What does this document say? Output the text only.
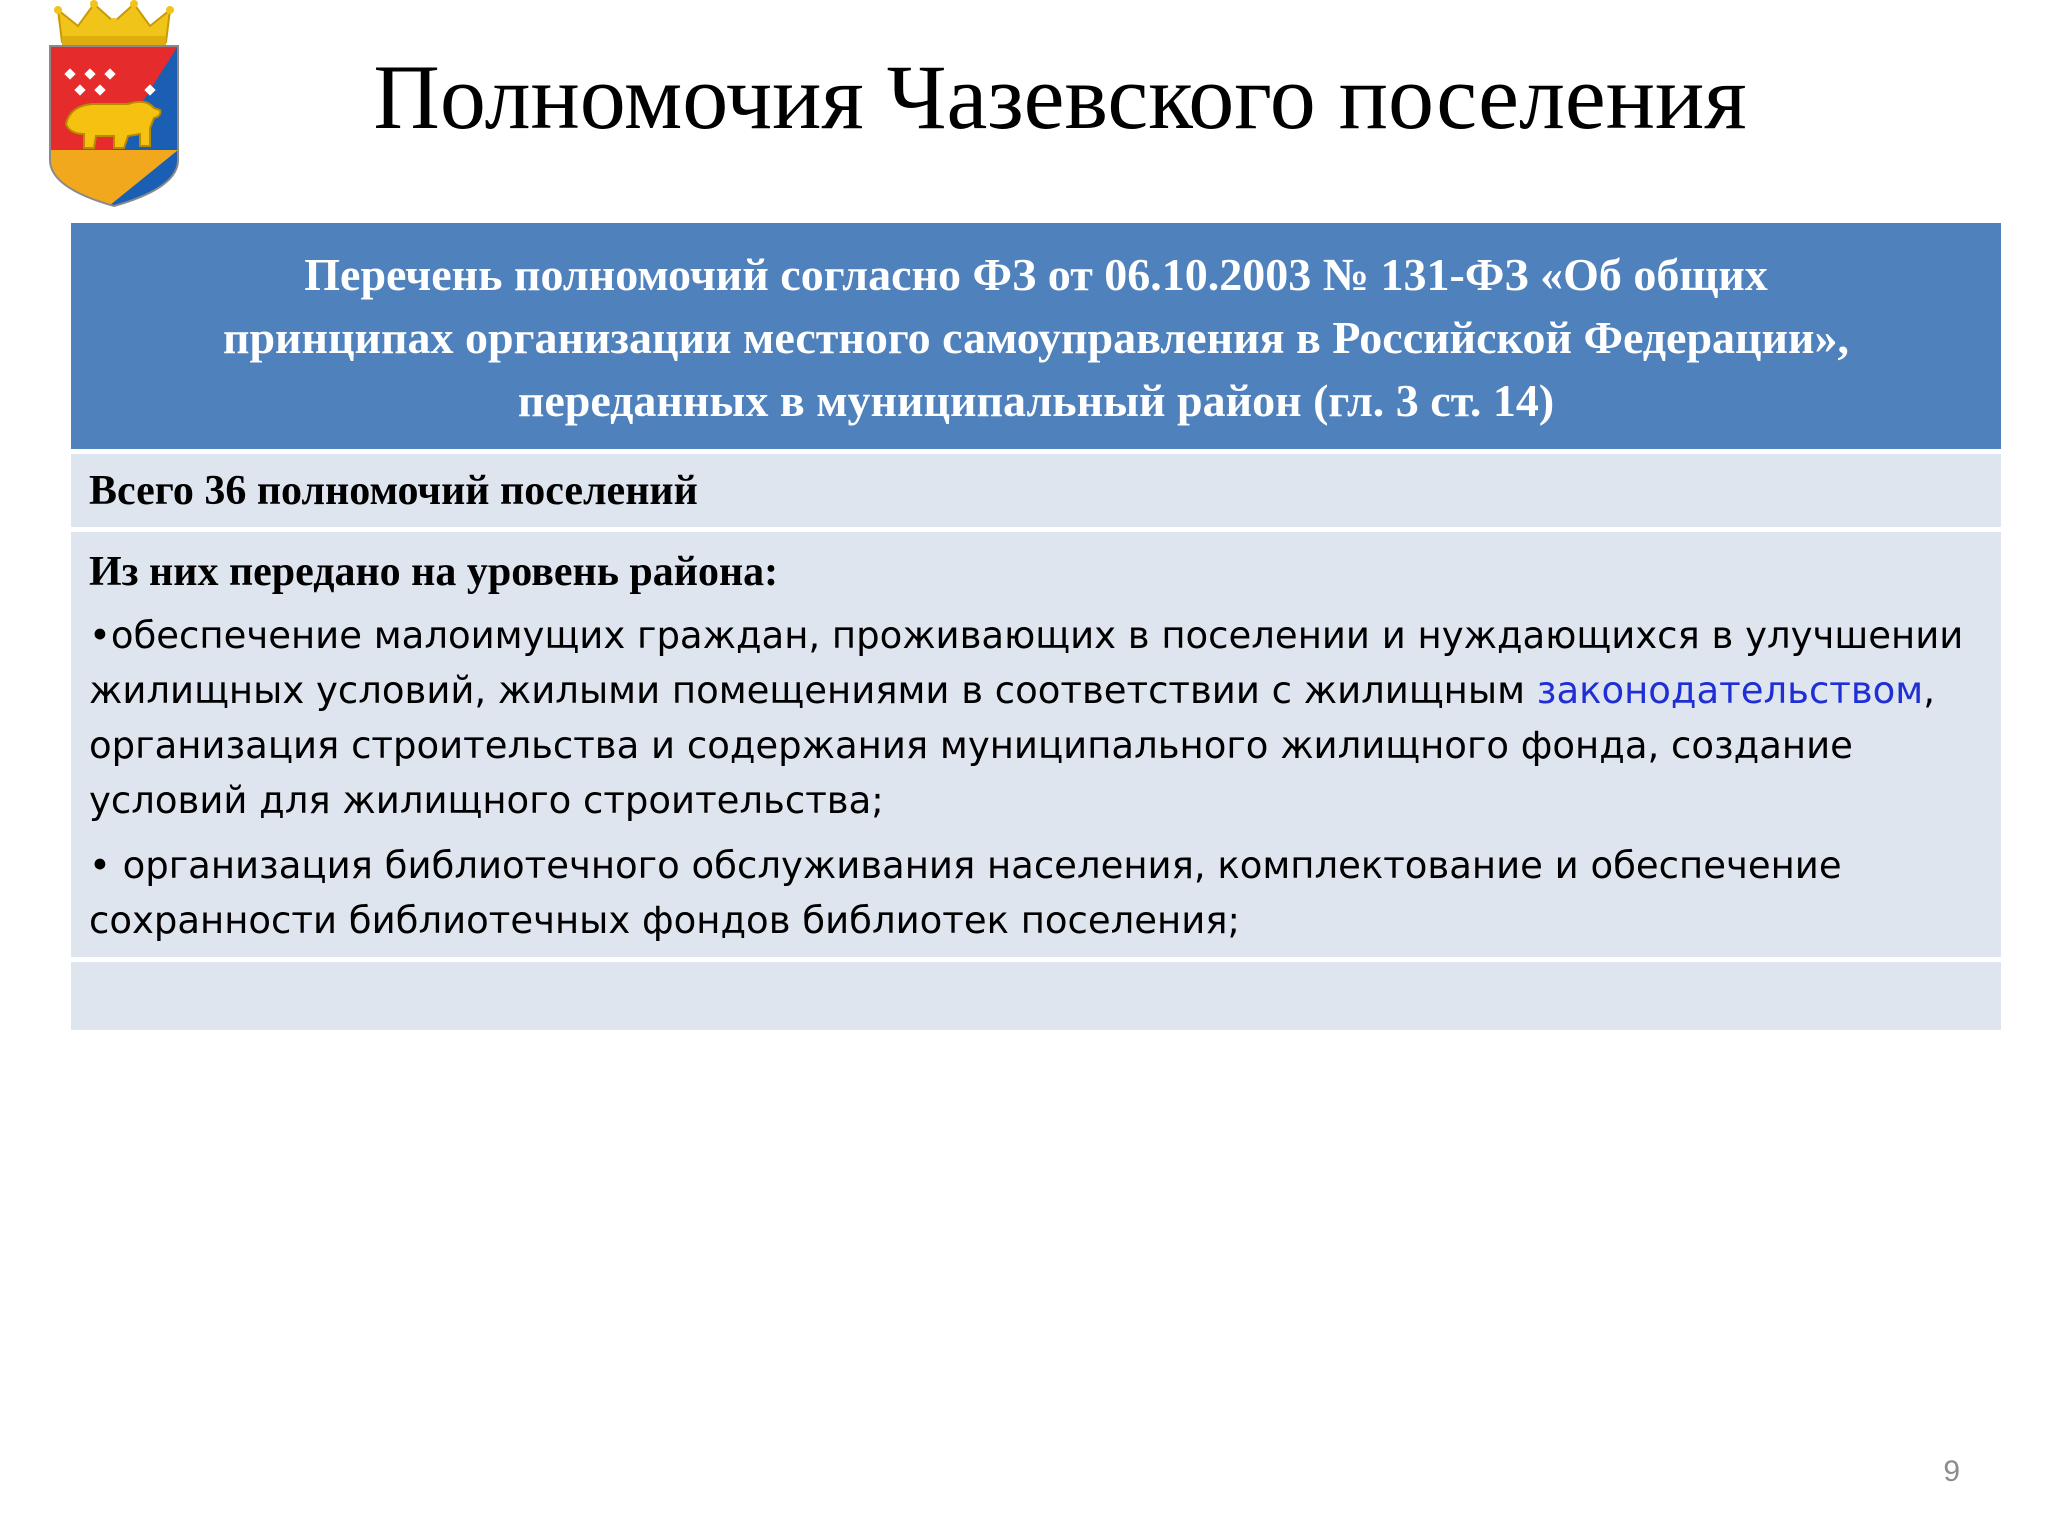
Полномочия Чазевского поселения
Перечень полномочий согласно ФЗ от 06.10.2003 № 131-ФЗ «Об общих
принципах организации местного самоуправления в Российской Федерации»,
переданных в муниципальный район (гл. 3 ст. 14)
Всего 36 полномочий поселений
Из них передано на уровень района:
•обеспечение малоимущих граждан, проживающих в поселении и нуждающихся в улучшении
жилищных условий, жилыми помещениями в соответствии с жилищным законодательством,
организация строительства и содержания муниципального жилищного фонда, создание
условий для жилищного строительства;
• организация библиотечного обслуживания населения, комплектование и обеспечение
сохранности библиотечных фондов библиотек поселения;
9
